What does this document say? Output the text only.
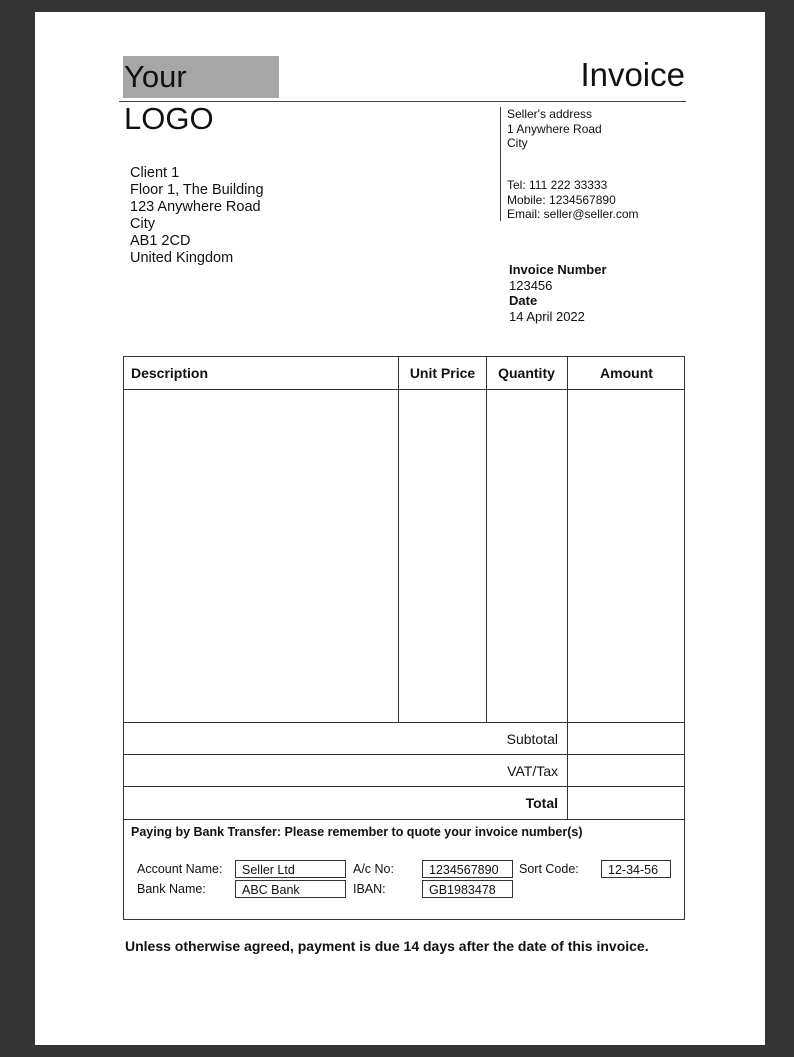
Your LOGO
Invoice
Seller's address
1 Anywhere Road
City
Tel: 111 222 33333
Mobile: 1234567890
Email: seller@seller.com
Client 1
Floor 1, The Building
123 Anywhere Road
City
AB1 2CD
United Kingdom
Invoice Number
123456
Date
14 April 2022
Description	Unit Price	Quantity	Amount
Subtotal
VAT/Tax
Total
Paying by Bank Transfer: Please remember to quote your invoice number(s)
Account Name:	Seller Ltd	A/c No:	1234567890	Sort Code:	12-34-56
Bank Name:	ABC Bank	IBAN:	GB1983478
Unless otherwise agreed, payment is due 14 days after the date of this invoice.
